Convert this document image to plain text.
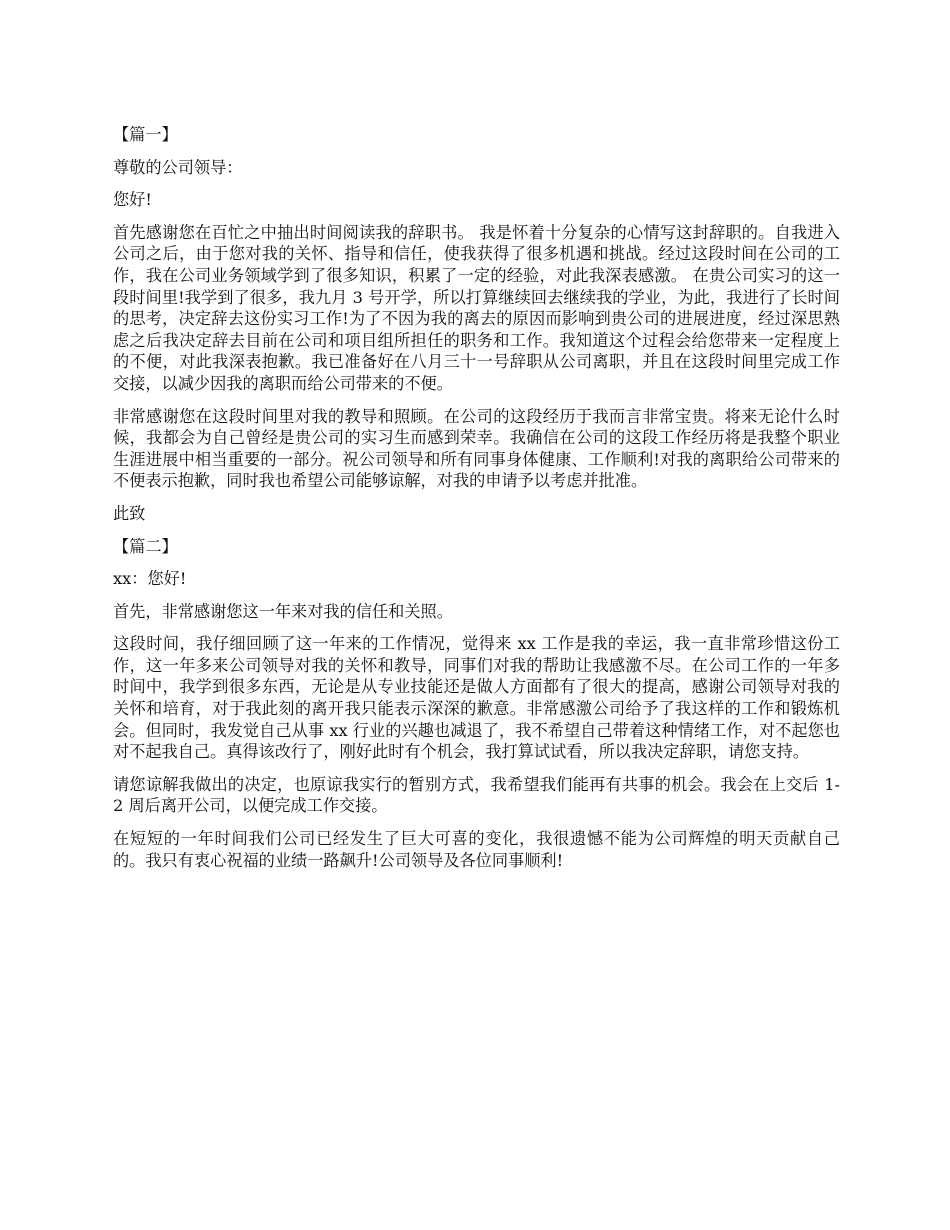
【篇一】

尊敬的公司领导：

您好!

首先感谢您在百忙之中抽出时间阅读我的辞职书。 我是怀着十分复杂的心情写这封辞职的。自我进入公司之后，由于您对我的关怀、指导和信任，使我获得了很多机遇和挑战。经过这段时间在公司的工作，我在公司业务领域学到了很多知识，积累了一定的经验，对此我深表感激。 在贵公司实习的这一段时间里!我学到了很多，我九月 3 号开学，所以打算继续回去继续我的学业，为此，我进行了长时间的思考，决定辞去这份实习工作!为了不因为我的离去的原因而影响到贵公司的进展进度，经过深思熟虑之后我决定辞去目前在公司和项目组所担任的职务和工作。我知道这个过程会给您带来一定程度上的不便，对此我深表抱歉。我已准备好在八月三十一号辞职从公司离职，并且在这段时间里完成工作交接，以减少因我的离职而给公司带来的不便。

非常感谢您在这段时间里对我的教导和照顾。在公司的这段经历于我而言非常宝贵。将来无论什么时候，我都会为自己曾经是贵公司的实习生而感到荣幸。我确信在公司的这段工作经历将是我整个职业生涯进展中相当重要的一部分。祝公司领导和所有同事身体健康、工作顺利!对我的离职给公司带来的不便表示抱歉，同时我也希望公司能够谅解，对我的申请予以考虑并批准。

此致

【篇二】

xx：您好!

首先，非常感谢您这一年来对我的信任和关照。

这段时间，我仔细回顾了这一年来的工作情况，觉得来 xx 工作是我的幸运，我一直非常珍惜这份工作，这一年多来公司领导对我的关怀和教导，同事们对我的帮助让我感激不尽。在公司工作的一年多时间中，我学到很多东西，无论是从专业技能还是做人方面都有了很大的提高，感谢公司领导对我的关怀和培育，对于我此刻的离开我只能表示深深的歉意。非常感激公司给予了我这样的工作和锻炼机会。但同时，我发觉自己从事 xx 行业的兴趣也减退了，我不希望自己带着这种情绪工作，对不起您也对不起我自己。真得该改行了，刚好此时有个机会，我打算试试看，所以我决定辞职，请您支持。

请您谅解我做出的决定，也原谅我实行的暂别方式，我希望我们能再有共事的机会。我会在上交后 1-2 周后离开公司，以便完成工作交接。

在短短的一年时间我们公司已经发生了巨大可喜的变化，我很遗憾不能为公司辉煌的明天贡献自己的。我只有衷心祝福的业绩一路飙升!公司领导及各位同事顺利!
